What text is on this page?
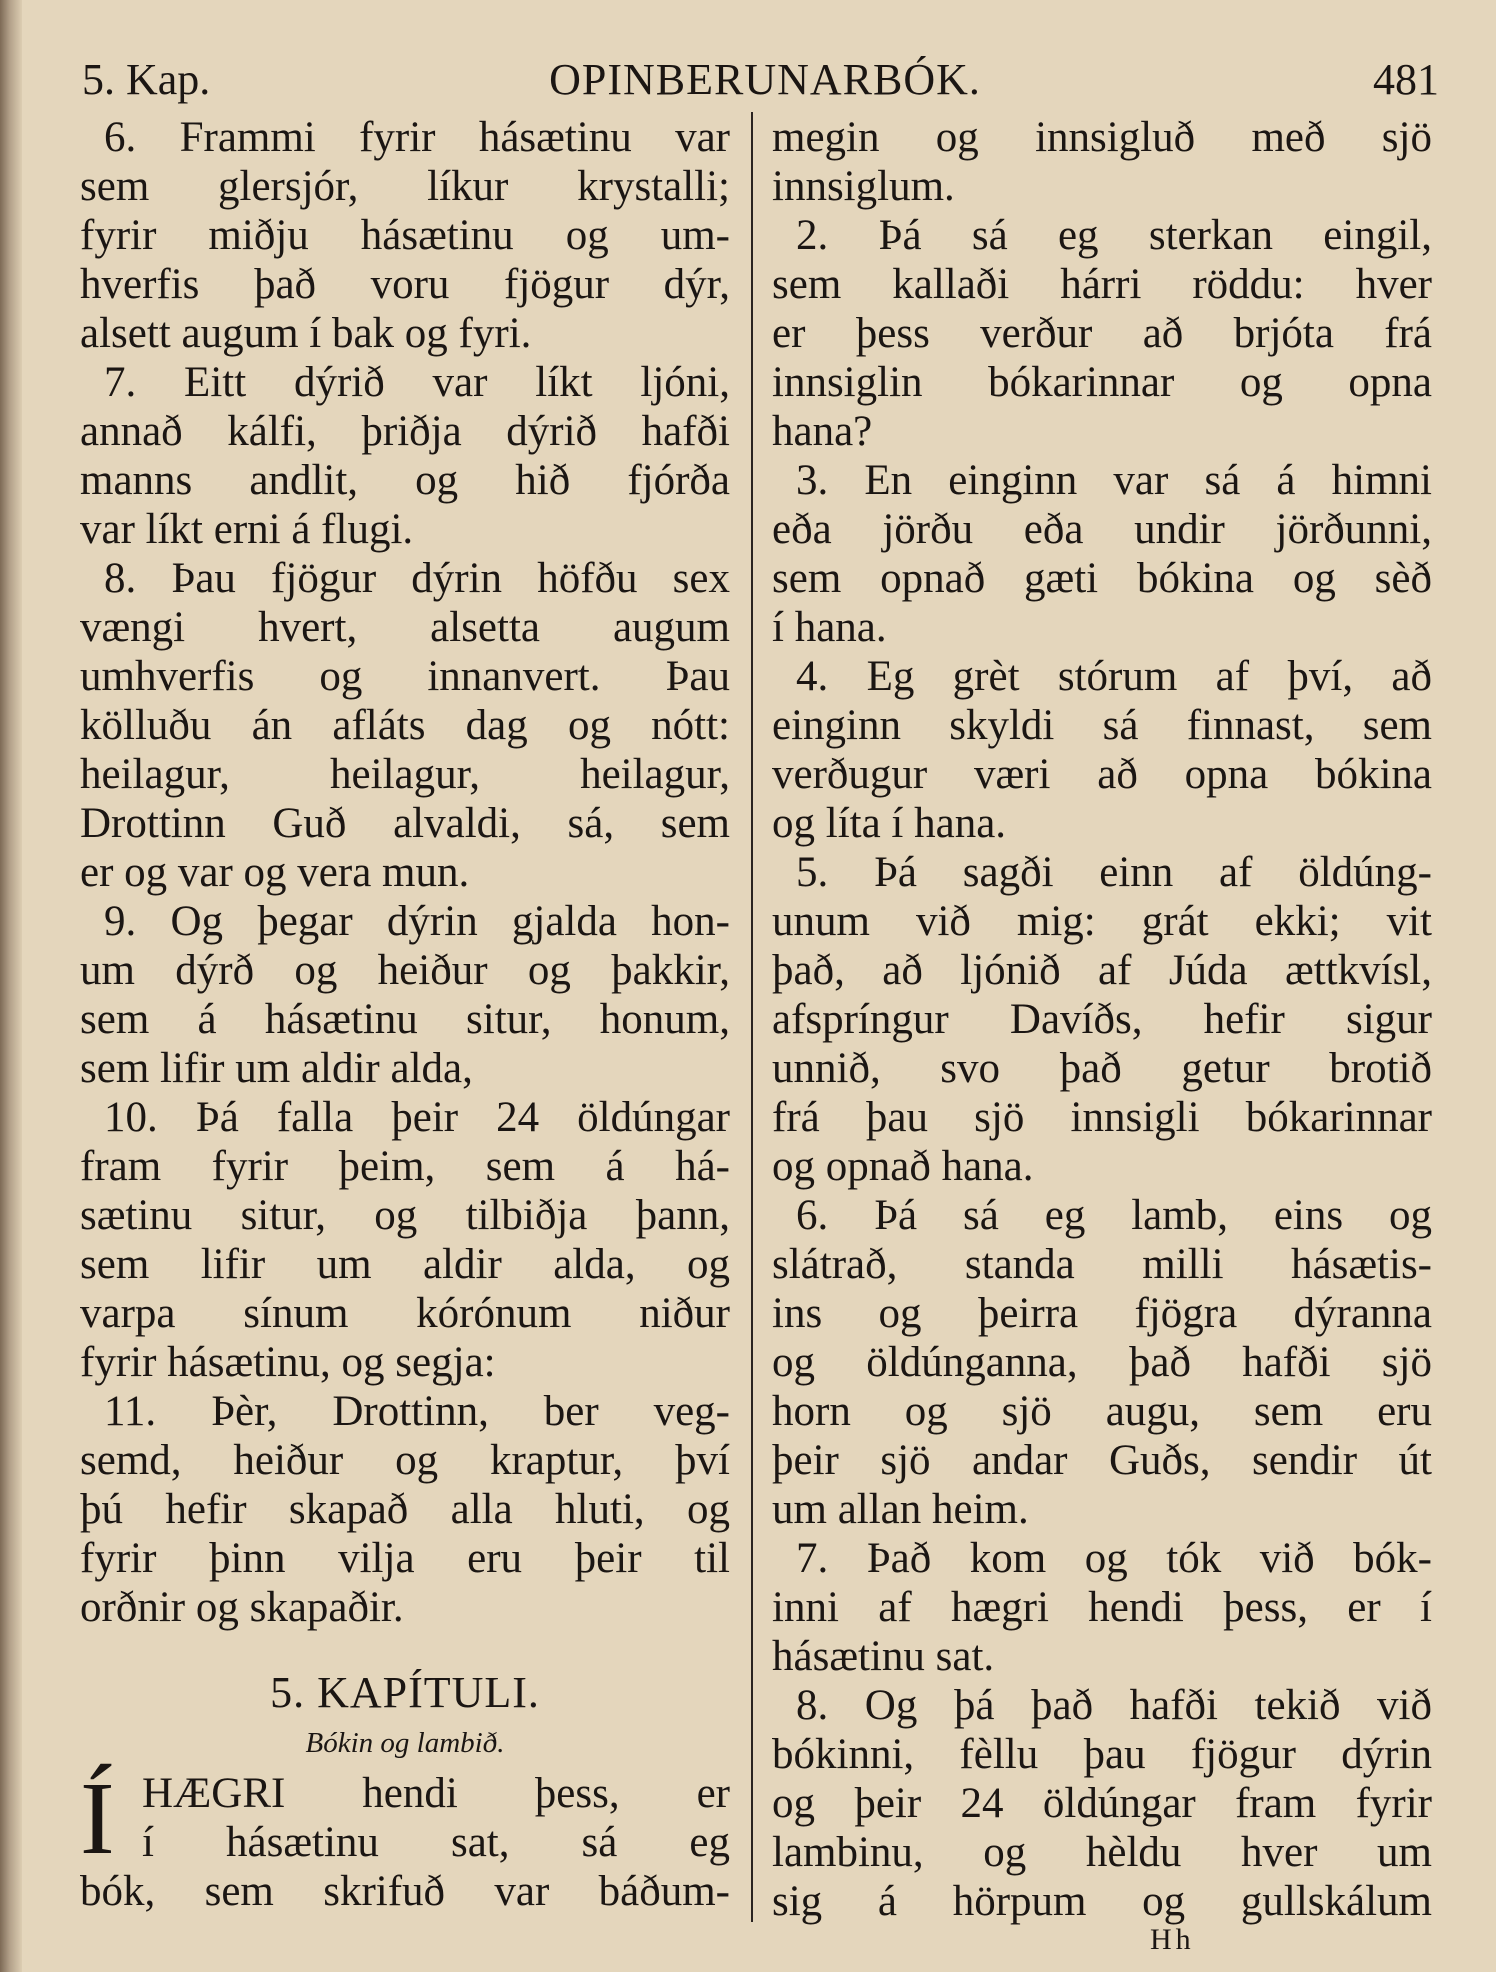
5. Kap.	OPINBERUNARBÓK.	481
6. Frammi fyrir hásætinu var
sem glersjór, líkur krystalli;
fyrir miðju hásætinu og um-
hverfis það voru fjögur dýr,
alsett augum í bak og fyri.
7. Eitt dýrið var líkt ljóni,
annað kálfi, þriðja dýrið hafði
manns andlit, og hið fjórða
var líkt erni á flugi.
8. Þau fjögur dýrin höfðu sex
vængi hvert, alsetta augum
umhverfis og innanvert. Þau
kölluðu án afláts dag og nótt:
heilagur, heilagur, heilagur,
Drottinn Guð alvaldi, sá, sem
er og var og vera mun.
9. Og þegar dýrin gjalda hon-
um dýrð og heiður og þakkir,
sem á hásætinu situr, honum,
sem lifir um aldir alda,
10. Þá falla þeir 24 öldúngar
fram fyrir þeim, sem á há-
sætinu situr, og tilbiðja þann,
sem lifir um aldir alda, og
varpa sínum kórónum niður
fyrir hásætinu, og segja:
11. Þèr, Drottinn, ber veg-
semd, heiður og kraptur, því
þú hefir skapað alla hluti, og
fyrir þinn vilja eru þeir til
orðnir og skapaðir.
5. KAPÍTULI.
Bókin og lambið.
Í HÆGRI hendi þess, er
í hásætinu sat, sá eg
bók, sem skrifuð var báðum-
megin og innsigluð með sjö
innsiglum.
2. Þá sá eg sterkan eingil,
sem kallaði hárri röddu: hver
er þess verður að brjóta frá
innsiglin bókarinnar og opna
hana?
3. En einginn var sá á himni
eða jörðu eða undir jörðunni,
sem opnað gæti bókina og sèð
í hana.
4. Eg grèt stórum af því, að
einginn skyldi sá finnast, sem
verðugur væri að opna bókina
og líta í hana.
5. Þá sagði einn af öldúng-
unum við mig: grát ekki; vit
það, að ljónið af Júda ættkvísl,
afspríngur Davíðs, hefir sigur
unnið, svo það getur brotið
frá þau sjö innsigli bókarinnar
og opnað hana.
6. Þá sá eg lamb, eins og
slátrað, standa milli hásætis-
ins og þeirra fjögra dýranna
og öldúnganna, það hafði sjö
horn og sjö augu, sem eru
þeir sjö andar Guðs, sendir út
um allan heim.
7. Það kom og tók við bók-
inni af hægri hendi þess, er í
hásætinu sat.
8. Og þá það hafði tekið við
bókinni, fèllu þau fjögur dýrin
og þeir 24 öldúngar fram fyrir
lambinu, og hèldu hver um
sig á hörpum og gullskálum
Hh
